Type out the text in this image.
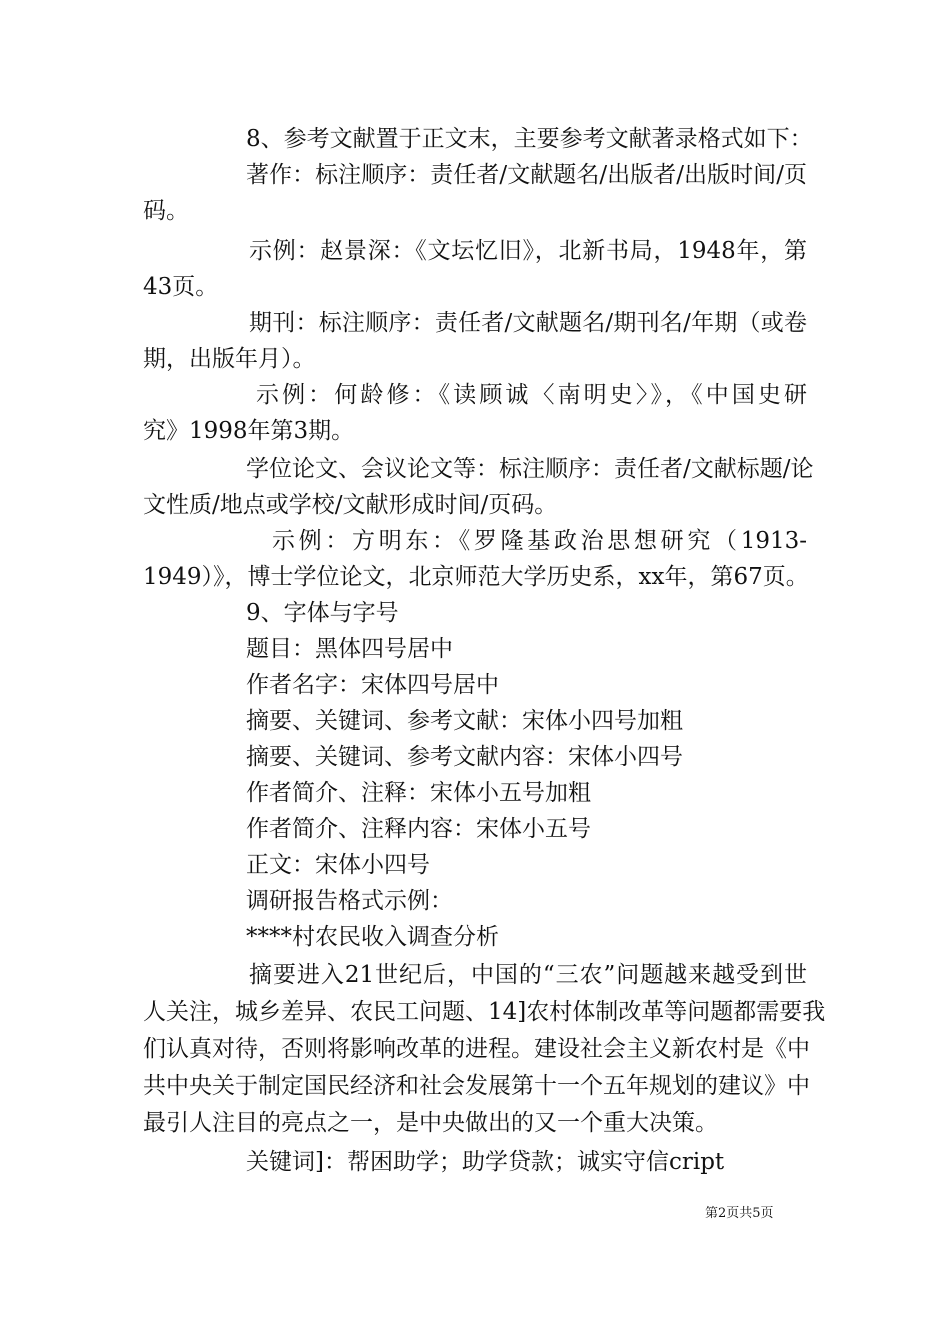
8、参考文献置于正文末，主要参考文献著录格式如下：
著作：标注顺序：责任者/文献题名/出版者/出版时间/页
码。
示例：赵景深：《文坛忆旧》，北新书局，1948年，第
43页。
期刊：标注顺序：责任者/文献题名/期刊名/年期（或卷
期，出版年月）。
示例：何龄修：《读顾诚〈南明史〉》，《中国史研
究》1998年第3期。
学位论文、会议论文等：标注顺序：责任者/文献标题/论
文性质/地点或学校/文献形成时间/页码。
示例：方明东：《罗隆基政治思想研究（1913-
1949）》，博士学位论文，北京师范大学历史系，xx年，第67页。
9、字体与字号
题目：黑体四号居中
作者名字：宋体四号居中
摘要、关键词、参考文献：宋体小四号加粗
摘要、关键词、参考文献内容：宋体小四号
作者简介、注释：宋体小五号加粗
作者简介、注释内容：宋体小五号
正文：宋体小四号
调研报告格式示例：
****村农民收入调查分析
摘要进入21世纪后，中国的“三农”问题越来越受到世
人关注，城乡差异、农民工问题、14]农村体制改革等问题都需要我
们认真对待，否则将影响改革的进程。建设社会主义新农村是《中
共中央关于制定国民经济和社会发展第十一个五年规划的建议》中
最引人注目的亮点之一，是中央做出的又一个重大决策。
关键词]：帮困助学；助学贷款；诚实守信cript
第2页共5页
